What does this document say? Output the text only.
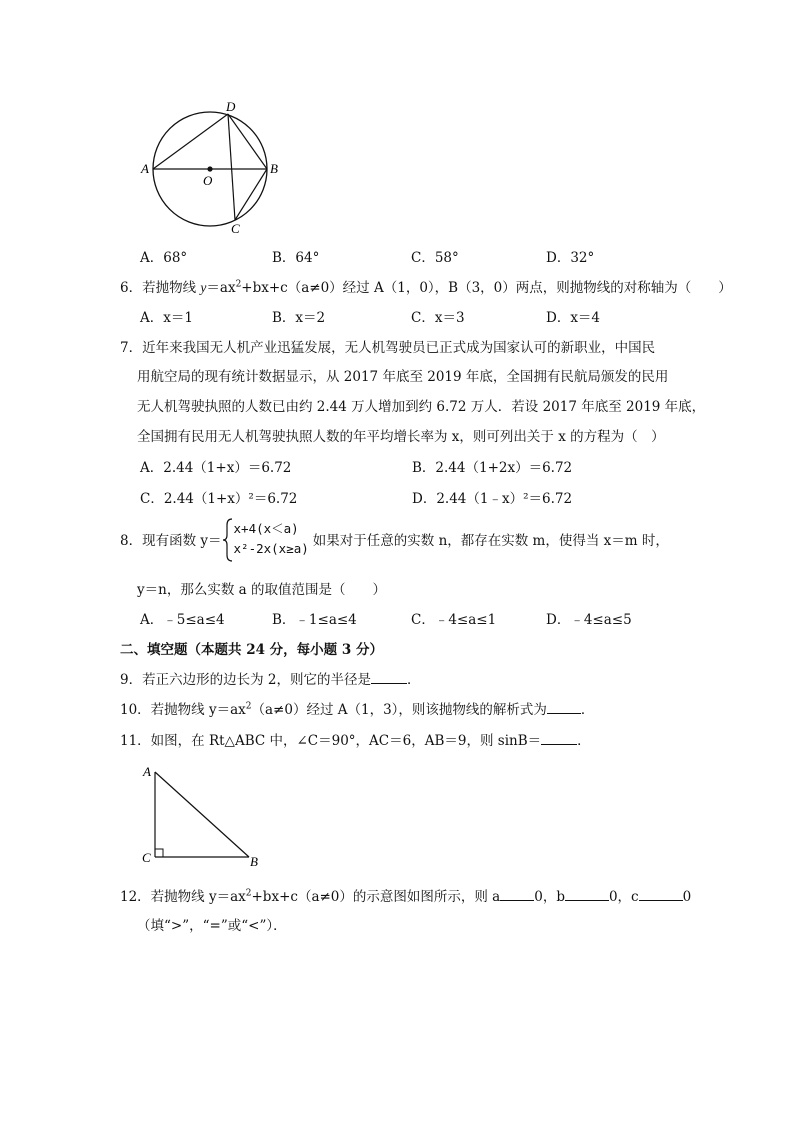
D
A
O
B
C
A．68°	B．64°	C．58°	D．32°
6．若抛物线 $y=ax^2+bx+c(a\ne 0)$经过 A（1，0），B（3，0）两点，则抛物线的对称轴为（　　）
A．x＝1	B．x＝2	C．x＝3	D．x＝4
7．近年来我国无人机产业迅猛发展，无人机驾驶员已正式成为国家认可的新职业，中国民
用航空局的现有统计数据显示，从 2017 年底至 2019 年底，全国拥有民航局颁发的民用
无人机驾驶执照的人数已由约 2.44 万人增加到约 6.72 万人．若设 2017 年底至 2019 年底，
全国拥有民用无人机驾驶执照人数的年平均增长率为 x，则可列出关于 x 的方程为（　）
A．2.44（1+x）＝6.72	B．2.44（1+2x）＝6.72
C．2.44（1+x）²＝6.72	D．2.44（1﹣x）²＝6.72
8．现有函数 y＝
x+4(x＜a)
x²-2x(x≥a) 如果对于任意的实数 n，都存在实数 m，使得当 x＝m 时，
y＝n，那么实数 a 的取值范围是（　　）
A．﹣5≤a≤4	B．﹣1≤a≤4	C．﹣4≤a≤1	D．﹣4≤a≤5
二、填空题（本题共 24 分，每小题 3 分）
9．若正六边形的边长为 2，则它的半径是	．
10．若抛物线 $y=ax^2(a\ne 0)$经过 A（1，3），则该抛物线的解析式为	．
11．如图，在 Rt△ABC 中，∠C＝90°，AC＝6，AB＝9，则 sinB＝	．
A
C	B
12．若抛物线 $y=ax^2+bx+c(a\ne 0)$的示意图如图所示，则 a	0，b	0，c	0
（填“>”，“=”或“<”）．
